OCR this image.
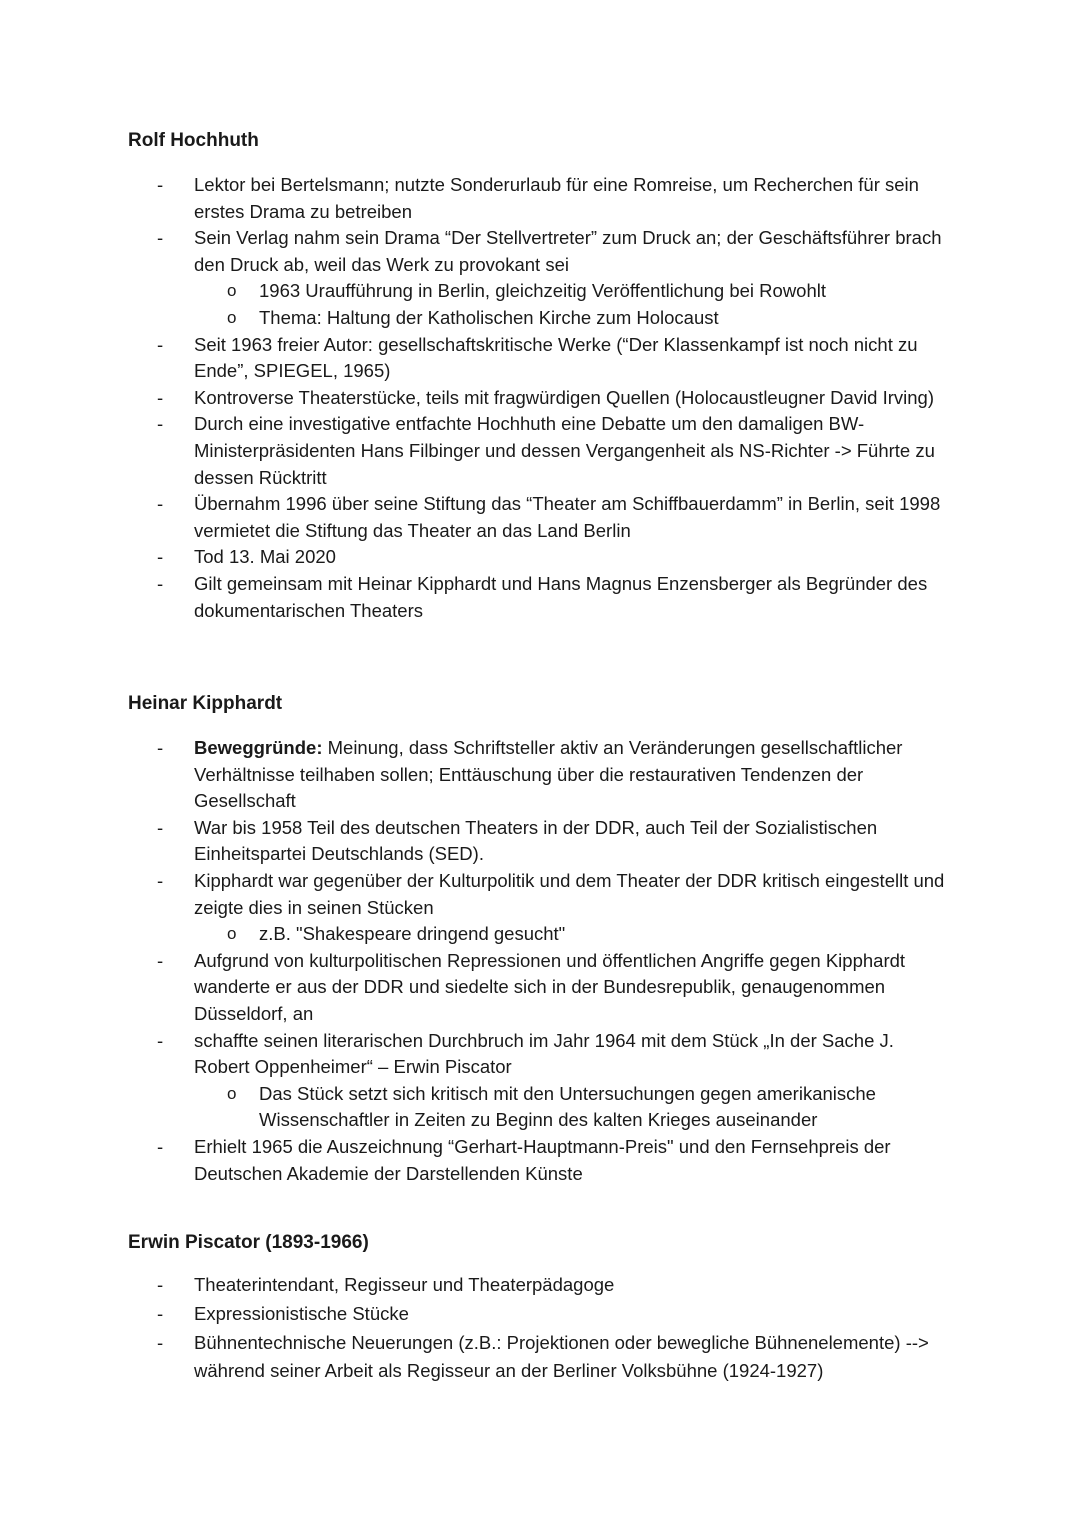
Rolf Hochhuth
- Lektor bei Bertelsmann; nutzte Sonderurlaub für eine Romreise, um Recherchen für sein erstes Drama zu betreiben
- Sein Verlag nahm sein Drama “Der Stellvertreter” zum Druck an; der Geschäftsführer brach den Druck ab, weil das Werk zu provokant sei
o 1963 Uraufführung in Berlin, gleichzeitig Veröffentlichung bei Rowohlt
o Thema: Haltung der Katholischen Kirche zum Holocaust
- Seit 1963 freier Autor: gesellschaftskritische Werke (“Der Klassenkampf ist noch nicht zu Ende”, SPIEGEL, 1965)
- Kontroverse Theaterstücke, teils mit fragwürdigen Quellen (Holocaustleugner David Irving)
- Durch eine investigative entfachte Hochhuth eine Debatte um den damaligen BW-Ministerpräsidenten Hans Filbinger und dessen Vergangenheit als NS-Richter -> Führte zu dessen Rücktritt
- Übernahm 1996 über seine Stiftung das “Theater am Schiffbauerdamm” in Berlin, seit 1998 vermietet die Stiftung das Theater an das Land Berlin
- Tod 13. Mai 2020
- Gilt gemeinsam mit Heinar Kipphardt und Hans Magnus Enzensberger als Begründer des dokumentarischen Theaters
Heinar Kipphardt
- Beweggründe: Meinung, dass Schriftsteller aktiv an Veränderungen gesellschaftlicher Verhältnisse teilhaben sollen; Enttäuschung über die restaurativen Tendenzen der Gesellschaft
- War bis 1958 Teil des deutschen Theaters in der DDR, auch Teil der Sozialistischen Einheitspartei Deutschlands (SED).
- Kipphardt war gegenüber der Kulturpolitik und dem Theater der DDR kritisch eingestellt und zeigte dies in seinen Stücken
o z.B. "Shakespeare dringend gesucht"
- Aufgrund von kulturpolitischen Repressionen und öffentlichen Angriffe gegen Kipphardt wanderte er aus der DDR und siedelte sich in der Bundesrepublik, genaugenommen Düsseldorf, an
- schaffte seinen literarischen Durchbruch im Jahr 1964 mit dem Stück „In der Sache J. Robert Oppenheimer“ – Erwin Piscator
o Das Stück setzt sich kritisch mit den Untersuchungen gegen amerikanische Wissenschaftler in Zeiten zu Beginn des kalten Krieges auseinander
- Erhielt 1965 die Auszeichnung “Gerhart-Hauptmann-Preis" und den Fernsehpreis der Deutschen Akademie der Darstellenden Künste
Erwin Piscator (1893-1966)
- Theaterintendant, Regisseur und Theaterpädagoge
- Expressionistische Stücke
- Bühnentechnische Neuerungen (z.B.: Projektionen oder bewegliche Bühnenelemente) --> während seiner Arbeit als Regisseur an der Berliner Volksbühne (1924-1927)
